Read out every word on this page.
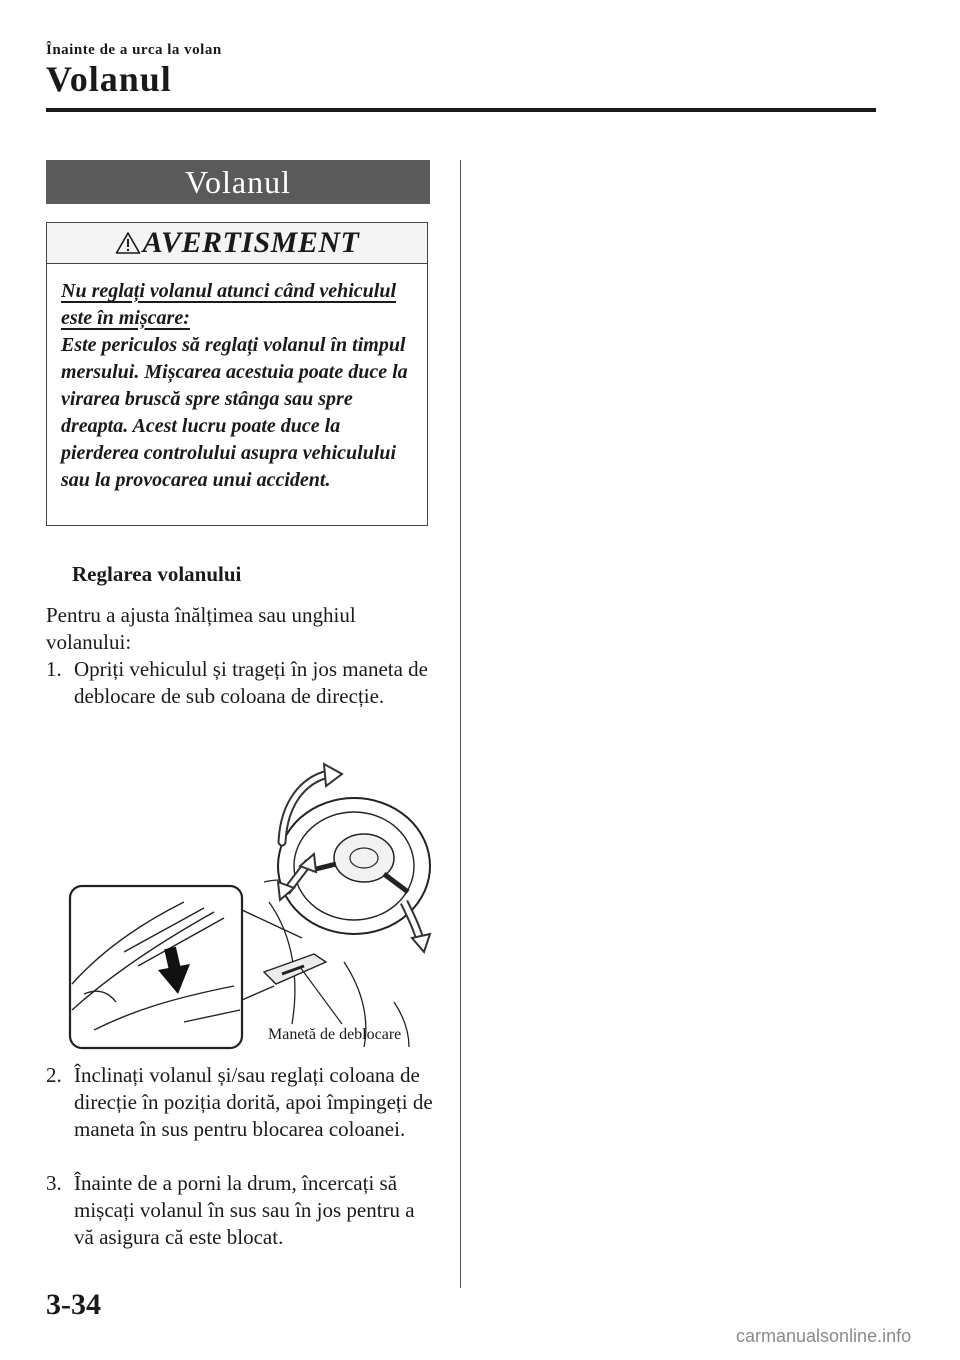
Înainte de a urca la volan
Volanul
Volanul
AVERTISMENT
Nu reglați volanul atunci când vehiculul este în mișcare:
Este periculos să reglați volanul în timpul mersului. Mișcarea acestuia poate duce la virarea bruscă spre stânga sau spre dreapta. Acest lucru poate duce la pierderea controlului asupra vehiculului sau la provocarea unui accident.
Reglarea volanului
Pentru a ajusta înălțimea sau unghiul volanului:
1. Opriți vehiculul și trageți în jos maneta de deblocare de sub coloana de direcție.
Manetă de deblocare
2. Înclinați volanul și/sau reglați coloana de direcție în poziția dorită, apoi împingeți de maneta în sus pentru blocarea coloanei.
3. Înainte de a porni la drum, încercați să mișcați volanul în sus sau în jos pentru a vă asigura că este blocat.
3-34
carmanualsonline.info
